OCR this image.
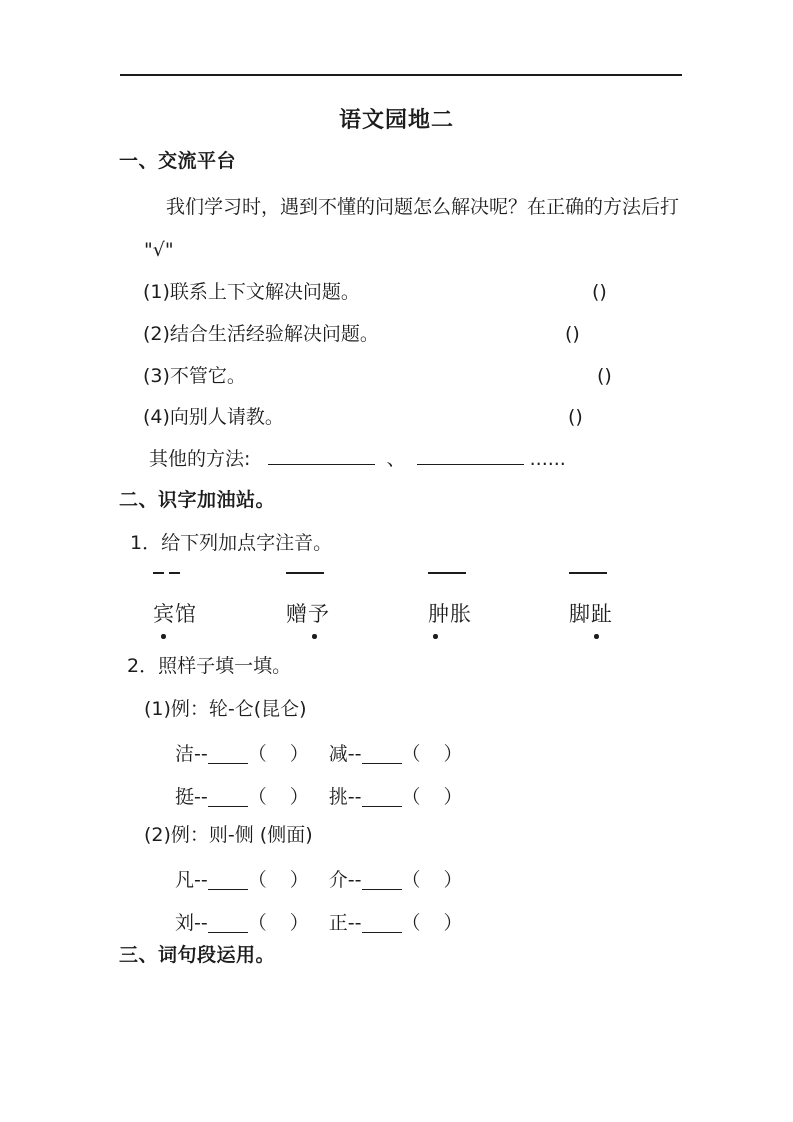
语文园地二
一、交流平台
我们学习时，遇到不懂的问题怎么解决呢？在正确的方法后打
"√"
(1)联系上下文解决问题。	()
(2)结合生活经验解决问题。	()
(3)不管它。	()
(4)向别人请教。	()
其他的方法:	、	......
二、识字加油站。
1．给下列加点字注音。
宾馆	赠予	肿胀	脚趾
2．照样子填一填。
(1)例：轮-仑(昆仑)
洁-- （ ）
减-- （ ）
挺-- （ ）
挑-- （ ）
(2)例：则-侧 (侧面)
凡-- （ ）
介-- （ ）
刘-- （ ）
正-- （ ）
三、词句段运用。
